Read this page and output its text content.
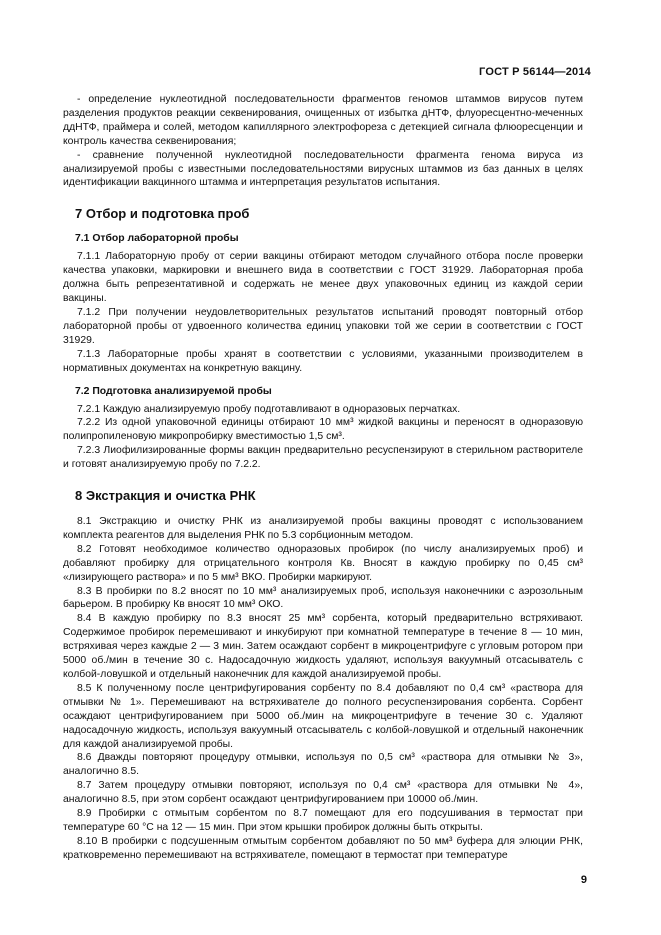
ГОСТ Р 56144—2014

- определение нуклеотидной последовательности фрагментов геномов штаммов вирусов путем разделения продуктов реакции секвенирования, очищенных от избытка дНТФ, флуоресцентно-меченных ддНТФ, праймера и солей, методом капиллярного электрофореза с детекцией сигнала флюоресценции и контроль качества секвенирования;

- сравнение полученной нуклеотидной последовательности фрагмента генома вируса из анализируемой пробы с известными последовательностями вирусных штаммов из баз данных в целях идентификации вакцинного штамма и интерпретация результатов испытания.

7 Отбор и подготовка проб
7.1 Отбор лабораторной пробы

7.1.1 Лабораторную пробу от серии вакцины отбирают методом случайного отбора после проверки качества упаковки, маркировки и внешнего вида в соответствии с ГОСТ 31929. Лабораторная проба должна быть репрезентативной и содержать не менее двух упаковочных единиц из каждой серии вакцины.

7.1.2 При получении неудовлетворительных результатов испытаний проводят повторный отбор лабораторной пробы от удвоенного количества единиц упаковки той же серии в соответствии с ГОСТ 31929.

7.1.3 Лабораторные пробы хранят в соответствии с условиями, указанными производителем в нормативных документах на конкретную вакцину.

7.2 Подготовка анализируемой пробы

7.2.1 Каждую анализируемую пробу подготавливают в одноразовых перчатках.

7.2.2 Из одной упаковочной единицы отбирают 10 мм³ жидкой вакцины и переносят в одноразовую полипропиленовую микропробирку вместимостью 1,5 см³.

7.2.3 Лиофилизированные формы вакцин предварительно ресуспензируют в стерильном растворителе и готовят анализируемую пробу по 7.2.2.

8 Экстракция и очистка РНК

8.1 Экстракцию и очистку РНК из анализируемой пробы вакцины проводят с использованием комплекта реагентов для выделения РНК по 5.3 сорбционным методом.

8.2 Готовят необходимое количество одноразовых пробирок (по числу анализируемых проб) и добавляют пробирку для отрицательного контроля Кв. Вносят в каждую пробирку по 0,45 см³ «лизирующего раствора» и по 5 мм³ ВКО. Пробирки маркируют.

8.3 В пробирки по 8.2 вносят по 10 мм³ анализируемых проб, используя наконечники с аэрозольным барьером. В пробирку Кв вносят 10 мм³ ОКО.

8.4 В каждую пробирку по 8.3 вносят 25 мм³ сорбента, который предварительно встряхивают. Содержимое пробирок перемешивают и инкубируют при комнатной температуре в течение 8 — 10 мин, встряхивая через каждые 2 — 3 мин. Затем осаждают сорбент в микроцентрифуге с угловым ротором при 5000 об./мин в течение 30 с. Надосадочную жидкость удаляют, используя вакуумный отсасыватель с колбой-ловушкой и отдельный наконечник для каждой анализируемой пробы.

8.5 К полученному после центрифугирования сорбенту по 8.4 добавляют по 0,4 см³ «раствора для отмывки № 1». Перемешивают на встряхивателе до полного ресуспензирования сорбента. Сорбент осаждают центрифугированием при 5000 об./мин на микроцентрифуге в течение 30 с. Удаляют надосадочную жидкость, используя вакуумный отсасыватель с колбой-ловушкой и отдельный наконечник для каждой анализируемой пробы.

8.6 Дважды повторяют процедуру отмывки, используя по 0,5 см³ «раствора для отмывки № 3», аналогично 8.5.

8.7 Затем процедуру отмывки повторяют, используя по 0,4 см³ «раствора для отмывки № 4», аналогично 8.5, при этом сорбент осаждают центрифугированием при 10000 об./мин.

8.9 Пробирки с отмытым сорбентом по 8.7 помещают для его подсушивания в термостат при температуре 60 °С на 12 — 15 мин. При этом крышки пробирок должны быть открыты.

8.10 В пробирки с подсушенным отмытым сорбентом добавляют по 50 мм³ буфера для элюции РНК, кратковременно перемешивают на встряхивателе, помещают в термостат при температуре

9
